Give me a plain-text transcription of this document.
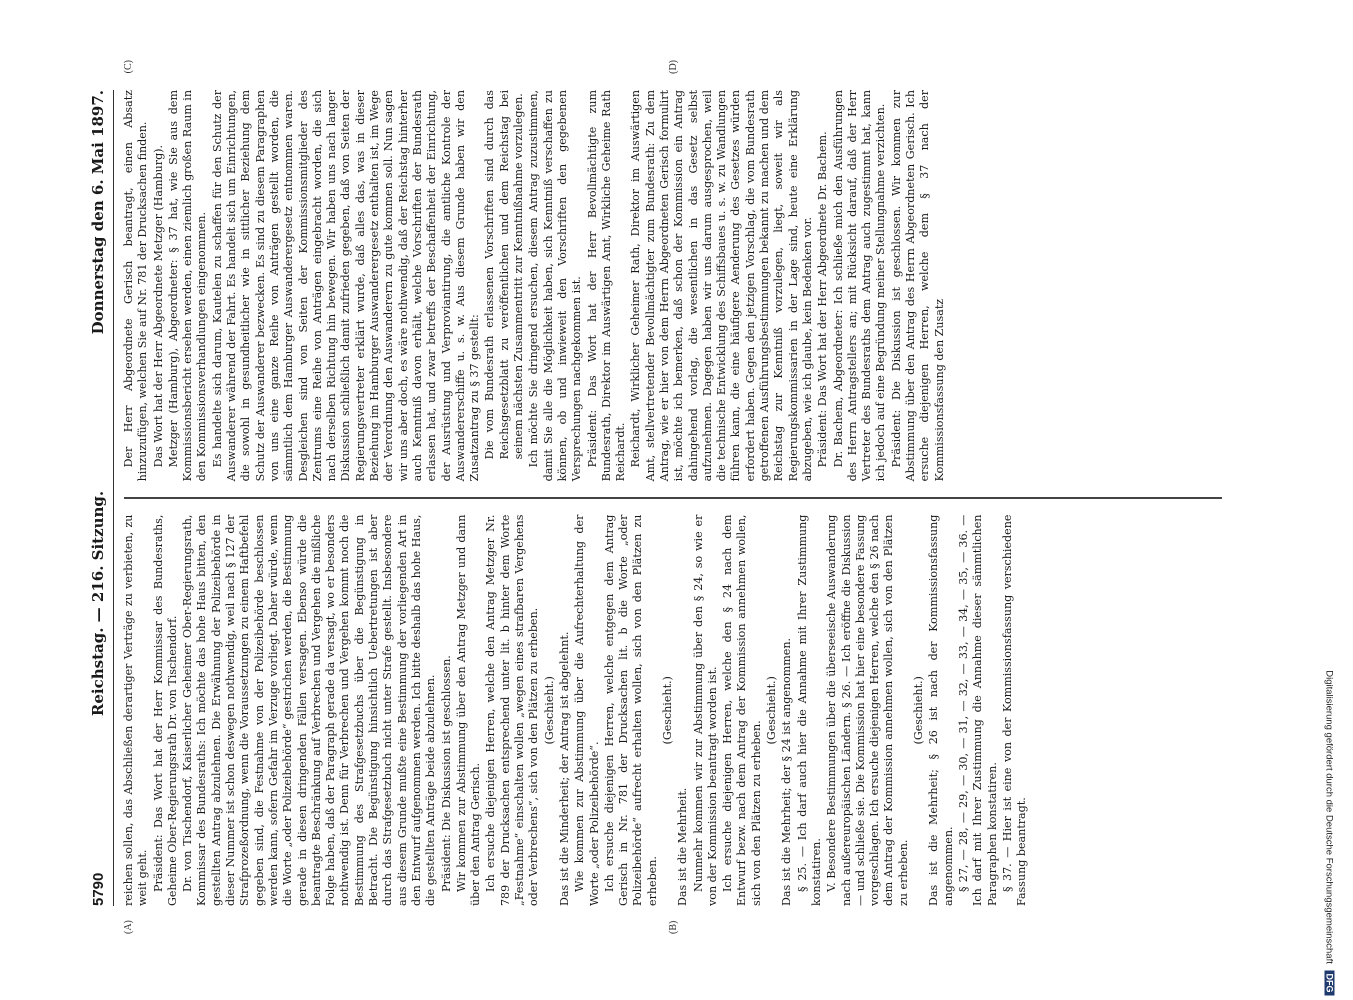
5790
Reichstag. — 216. Sitzung.
Donnerstag den 6. Mai 1897.
(A)	(B)

reichen sollen, das Abschließen derartiger Verträge zu verbieten, zu weit geht. Präsident: Das Wort hat der Herr Kommissar des Bundesraths, Geheime Ober-Regierungsrath Dr. von Tischendorf. Dr. von Tischendorf, Kaiserlicher Geheimer Ober-Regierungsrath, Kommissar des Bundesraths: Ich möchte das hohe Haus bitten, den gestellten Antrag abzulehnen. Die Erwähnung der Polizeibehörde in dieser Nummer ist schon deswegen nothwendig, weil nach § 127 der Strafprozeßordnung, wenn die Voraussetzungen zu einem Haftbefehl gegeben sind, die Festnahme von der Polizeibehörde beschlossen werden kann, sofern Gefahr im Verzuge vorliegt. Daher würde, wenn die Worte „oder Polizeibehörde“ gestrichen werden, die Bestimmung gerade in diesen dringenden Fällen versagen. Ebenso würde die beantragte Beschränkung auf Verbrechen und Vergehen die mißliche Folge haben, daß der Paragraph gerade da versagt, wo er besonders nothwendig ist. Denn für Verbrechen und Vergehen kommt noch die Bestimmung des Strafgesetzbuchs über die Begünstigung in Betracht. Die Begünstigung hinsichtlich Uebertretungen ist aber durch das Strafgesetzbuch nicht unter Strafe gestellt. Insbesondere aus diesem Grunde mußte eine Bestimmung der vorliegenden Art in den Entwurf aufgenommen werden. Ich bitte deshalb das hohe Haus, die gestellten Anträge beide abzulehnen. Präsident: Die Diskussion ist geschlossen. Wir kommen zur Abstimmung über den Antrag Metzger und dann über den Antrag Gerisch. Ich ersuche diejenigen Herren, welche den Antrag Metzger Nr. 789 der Drucksachen entsprechend unter lit. b hinter dem Worte „Festnahme“ einschalten wollen „wegen eines strafbaren Vergehens oder Verbrechens“, sich von den Plätzen zu erheben. (Geschieht.) Das ist die Minderheit; der Antrag ist abgelehnt. Wie kommen zur Abstimmung über die Aufrechterhaltung der Worte „oder Polizeibehörde“. Ich ersuche diejenigen Herren, welche entgegen dem Antrag Gerisch in Nr. 781 der Drucksachen lit. b die Worte „oder Polizeibehörde“ aufrecht erhalten wollen, sich von den Plätzen zu erheben.

(Geschieht.)

Das ist die Mehrheit. Nunmehr kommen wir zur Abstimmung über den § 24, so wie er von der Kommission beantragt worden ist. Ich ersuche diejenigen Herren, welche den § 24 nach dem Entwurf bezw. nach dem Antrag der Kommission annehmen wollen, sich von den Plätzen zu erheben.

(Geschieht.) Das ist die Mehrheit; der § 24 ist angenommen. § 25. — Ich darf auch hier die Annahme mit Ihrer Zustimmung konstatiren. V. Besondere Bestimmungen über die überseeische Auswanderung nach außereuropäischen Ländern. § 26. — Ich eröffne die Diskussion — und schließe sie. Die Kommission hat hier eine besondere Fassung vorgeschlagen. Ich ersuche diejenigen Herren, welche den § 26 nach dem Antrag der Kommission annehmen wollen, sich von den Plätzen zu erheben.

(Geschieht.) Das ist die Mehrheit; § 26 ist nach der Kommissionsfassung angenommen. § 27, — 28, — 29, — 30, — 31, — 32, — 33, — 34, — 35, — 36. — Ich darf mit Ihrer Zustimmung die Annahme dieser sämmtlichen Paragraphen konstatiren. § 37. — Hier ist eine von der Kommissionsfassung verschiedene Fassung beantragt.

(C)	(D)

Der Herr Abgeordnete Gerisch beantragt, einen Absatz hinzuzufügen, welchen Sie auf Nr. 781 der Drucksachen finden. Das Wort hat der Herr Abgeordnete Metzger (Hamburg). Metzger (Hamburg), Abgeordneter: § 37 hat, wie Sie aus dem Kommissionsbericht ersehen werden, einen ziemlich großen Raum in den Kommissionsverhandlungen eingenommen. Es handelte sich darum, Kautelen zu schaffen für den Schutz der Auswanderer während der Fahrt. Es handelt sich um Einrichtungen, die sowohl in gesundheitlicher wie in sittlicher Beziehung dem Schutz der Auswanderer bezwecken. Es sind zu diesem Paragraphen von uns eine ganze Reihe von Anträgen gestellt worden, die sämmtlich dem Hamburger Auswanderergesetz entnommen waren. Desgleichen sind von Seiten der Kommissionsmitglieder des Zentrums eine Reihe von Anträgen eingebracht worden, die sich nach derselben Richtung hin bewegen. Wir haben uns nach langer Diskussion schließlich damit zufrieden gegeben, daß von Seiten der Regierungsvertreter erklärt wurde, daß alles das, was in dieser Beziehung im Hamburger Auswanderergesetz enthalten ist, im Wege der Verordnung den Auswanderern zu gute kommen soll. Nun sagen wir uns aber doch, es wäre nothwendig, daß der Reichstag hinterher auch Kenntniß davon erhält, welche Vorschriften der Bundesrath erlassen hat, und zwar betreffs der Beschaffenheit der Einrichtung, der Ausrüstung und Verproviantirung, die amtliche Kontrole der Auswandererschiffe u. s. w. Aus diesem Grunde haben wir den Zusatzantrag zu § 37 gestellt: Die vom Bundesrath erlassenen Vorschriften sind durch das Reichsgesetzblatt zu veröffentlichen und dem Reichstag bei seinem nächsten Zusammentritt zur Kenntnißnahme vorzulegen. Ich möchte Sie dringend ersuchen, diesem Antrag zuzustimmen, damit Sie alle die Möglichkeit haben, sich Kenntniß verschaffen zu können, ob und inwieweit den Vorschriften den gegebenen Versprechungen nachgekommen ist. Präsident: Das Wort hat der Herr Bevollmächtigte zum Bundesrath, Direktor im Auswärtigen Amt, Wirkliche Geheime Rath Reichardt. Reichardt, Wirklicher Geheimer Rath, Direktor im Auswärtigen Amt, stellvertretender Bevollmächtigter zum Bundesrath: Zu dem Antrag, wie er hier von dem Herrn Abgeordneten Gerisch formulirt ist, möchte ich bemerken, daß schon der Kommission ein Antrag dahingehend vorlag, die wesentlichen in das Gesetz selbst aufzunehmen. Dagegen haben wir uns darum ausgesprochen, weil die technische Entwicklung des Schiffsbaues u. s. w. zu Wandlungen führen kann, die eine häufigere Aenderung des Gesetzes würden erfordert haben. Gegen den jetzigen Vorschlag, die vom Bundesrath getroffenen Ausführungsbestimmungen bekannt zu machen und dem Reichstag zur Kenntniß vorzulegen, liegt, soweit wir als Regierungskommissarien in der Lage sind, heute eine Erklärung abzugeben, wie ich glaube, kein Bedenken vor. Präsident: Das Wort hat der Herr Abgeordnete Dr. Bachem. Dr. Bachem, Abgeordneter: Ich schließe mich den Ausführungen des Herrn Antragstellers an; mit Rücksicht darauf, daß der Herr Vertreter des Bundesraths dem Antrag auch zugestimmt hat, kann ich jedoch auf eine Begründung meiner Stellungnahme verzichten. Präsident: Die Diskussion ist geschlossen. Wir kommen zur Abstimmung über den Antrag des Herrn Abgeordneten Gerisch. Ich ersuche diejenigen Herren, welche dem § 37 nach der Kommissionsfassung den Zusatz

Digitalisierung gefördert durch die Deutsche Forschungsgemeinschaft DFG
